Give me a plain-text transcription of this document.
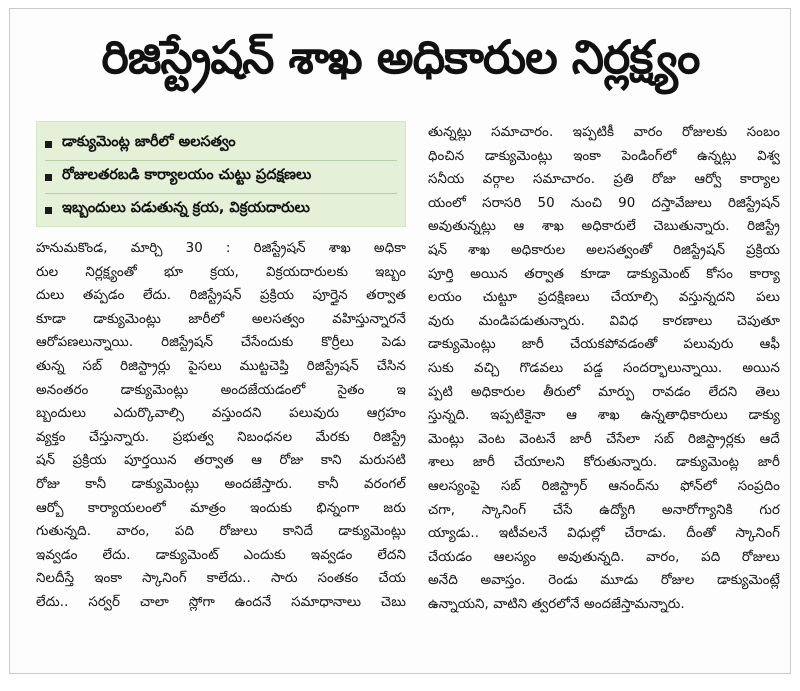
రిజిస్ట్రేషన్ శాఖ అధికారుల నిర్లక్ష్యం
డాక్యుమెంట్ల జారీలో అలసత్వం
రోజులతరబడి కార్యాలయం చుట్టు ప్రదక్షణలు
ఇబ్బందులు పడుతున్న క్రయ, విక్రయదారులు
హనుమకొండ, మార్చి 30 : రిజిస్ట్రేషన్ శాఖ అధికా
రుల నిర్లక్ష్యంతో భూ క్రయ, విక్రయదారులకు ఇబ్బం
దులు తప్పడం లేదు. రిజిస్ట్రేషన్ ప్రక్రియ పూర్తైన తర్వాత
కూడా డాక్యుమెంట్లు జారీలో అలసత్వం వహిస్తున్నారనే
ఆరోపణలున్నాయి. రిజిస్ట్రేషన్ చేసేందుకు కొర్రీలు పెడు
తున్న సబ్ రిజిస్ట్రార్లు పైసలు ముట్టచెప్తి రిజిస్ట్రేషన్ చేసిన
అనంతరం డాక్యుమెంట్లు అందజేయడంలో సైతం ఇ
బ్బందులు ఎదుర్కొవాల్సి వస్తుందని పలువురు ఆగ్రహం
వ్యక్తం చేస్తున్నారు. ప్రభుత్వ నిబంధనల మేరకు రిజిస్ట్రే
షన్ ప్రక్రియ పూర్తయిన తర్వాత ఆ రోజు కాని మరుసటి
రోజు కానీ డాక్యుమెంట్లు అందజేస్తారు. కానీ వరంగల్
ఆర్బో కార్యాయలంలో మాత్రం ఇందుకు భిన్నంగా జరు
గుతున్నది. వారం, పది రోజులు కానిదే డాక్యుమెంట్లు
ఇవ్వడం లేదు. డాక్యుమెంట్ ఎందుకు ఇవ్వడం లేదని
నిలదీస్తే ఇంకా స్కానింగ్ కాలేదు.. సారు సంతకం చేయ
లేదు.. సర్వర్ చాలా స్లోగా ఉందనే సమాధానాలు చెబు
తున్నట్లు సమాచారం. ఇప్పటికీ వారం రోజులకు సంబం
ధించిన డాక్యుమెంట్లు ఇంకా పెండింగ్‌లో ఉన్నట్లు విశ్వ
సనీయ వర్గాల సమాచారం. ప్రతి రోజు ఆర్వో కార్యాల
యంలో సరాసరి 50 నుంచి 90 దస్తావేజులు రిజిస్ట్రేషన్
అవుతున్నట్లు ఆ శాఖ అధికారులే చెబుతున్నారు. రిజిస్ట్రే
షన్ శాఖ అధికారుల అలసత్వంతో రిజిస్ట్రేషన్ ప్రక్రియ
పూర్తి అయిన తర్వాత కూడా డాక్యుమెంట్ కోసం కార్యా
లయం చుట్టూ ప్రదక్షిణలు చేయాల్సి వస్తున్నదని పలు
వురు మండిపడుతున్నారు. వివిధ కారణాలు చెపుతూ
డాక్యుమెంట్లు జారీ చేయకపోవడంతో పలువురు ఆఫీ
సుకు వచ్చి గొడవలు పడ్డ సందర్భాలున్నాయి. అయిన
ప్పటి అధికారుల తీరులో మార్పు రావడం లేదని తెలు
స్తున్నది. ఇప్పటికైనా ఆ శాఖ ఉన్నతాధికారులు డాక్యు
మెంట్లు వెంట వెంటనే జారీ చేసేలా సబ్ రిజిస్ట్రార్లకు ఆదే
శాలు జారీ చేయాలని కోరుతున్నారు. డాక్యుమెంట్ల జారీ
ఆలస్యంపై సబ్ రిజిస్ట్రార్ ఆనంద్‌ను ఫోన్‌లో సంప్రదిం
చగా, స్కానింగ్ చేసే ఉద్యోగి అనారోగ్యానికి గుర
య్యాడు.. ఇటీవలనే విధుల్లో చేరాడు. దీంతో స్కానింగ్
చేయడం ఆలస్యం అవుతున్నది. వారం, పది రోజులు
అనేది అవాస్తం. రెండు మూడు రోజుల డాక్యుమెంట్లే
ఉన్నాయని, వాటిని త్వరలోనే అందజేస్తామన్నారు.
